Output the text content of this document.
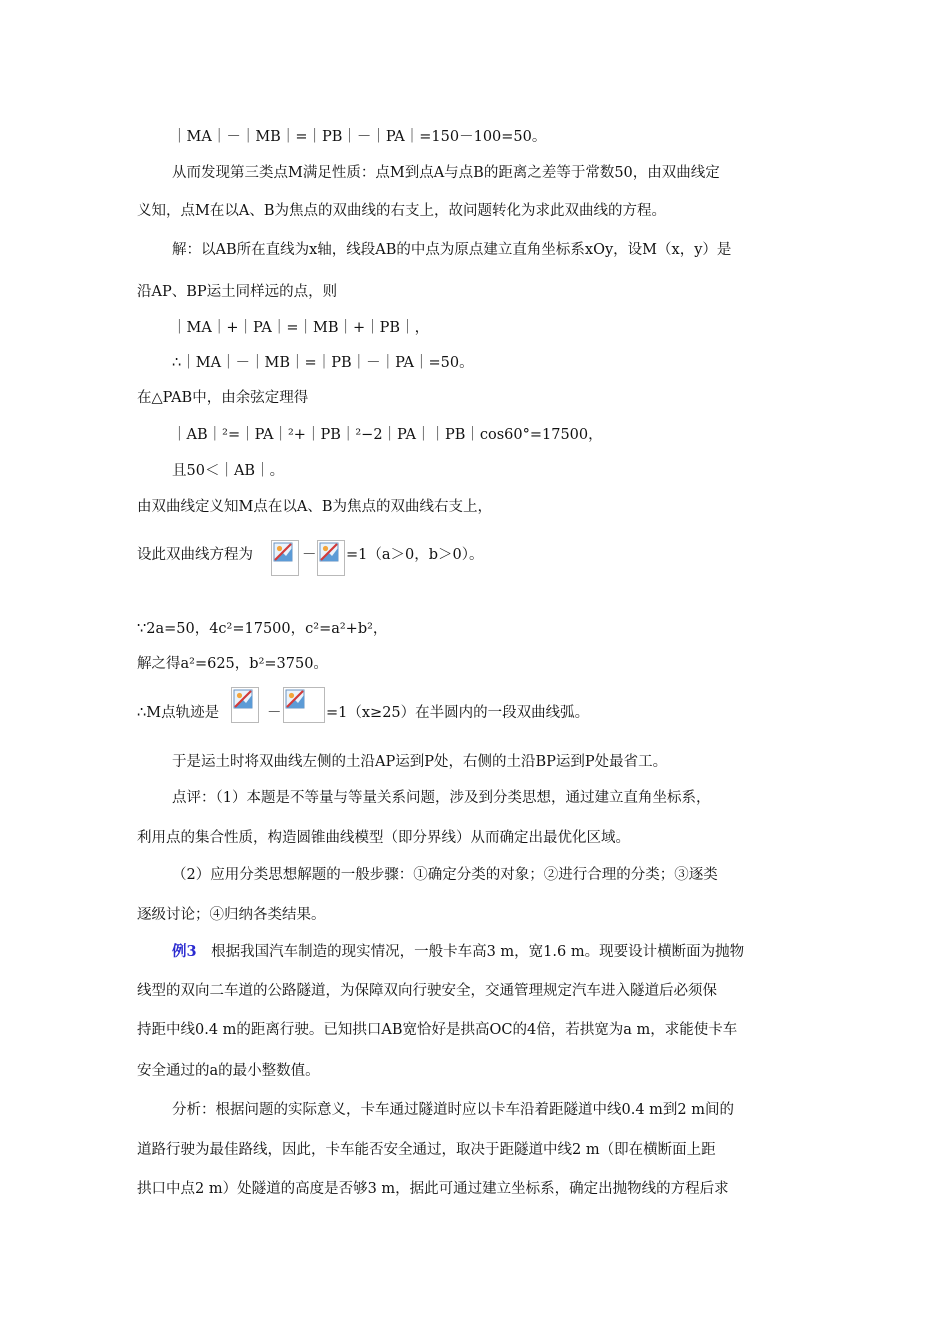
｜MA｜－｜MB｜=｜PB｜－｜PA｜=150－100=50。
从而发现第三类点M满足性质：点M到点A与点B的距离之差等于常数50，由双曲线定
义知，点M在以A、B为焦点的双曲线的右支上，故问题转化为求此双曲线的方程。
解：以AB所在直线为x轴，线段AB的中点为原点建立直角坐标系xOy，设M（x，y）是
沿AP、BP运土同样远的点，则
｜MA｜+｜PA｜=｜MB｜+｜PB｜，
∴｜MA｜－｜MB｜=｜PB｜－｜PA｜=50。
在△PAB中，由余弦定理得
｜AB｜²=｜PA｜²+｜PB｜²−2｜PA｜｜PB｜cos60°=17500，
且50＜｜AB｜。
由双曲线定义知M点在以A、B为焦点的双曲线右支上，
设此双曲线方程为	－ =1（a＞0，b＞0）。
∵2a=50，4c²=17500，c²=a²+b²，
解之得a²=625，b²=3750。
∴M点轨迹是	－	=1（x≥25）在半圆内的一段双曲线弧。
于是运土时将双曲线左侧的土沿AP运到P处，右侧的土沿BP运到P处最省工。
点评：（1）本题是不等量与等量关系问题，涉及到分类思想，通过建立直角坐标系，
利用点的集合性质，构造圆锥曲线模型（即分界线）从而确定出最优化区域。
（2）应用分类思想解题的一般步骤：①确定分类的对象；②进行合理的分类；③逐类
逐级讨论；④归纳各类结果。
例3　根据我国汽车制造的现实情况，一般卡车高3 m，宽1.6 m。现要设计横断面为抛物
线型的双向二车道的公路隧道，为保障双向行驶安全，交通管理规定汽车进入隧道后必须保
持距中线0.4 m的距离行驶。已知拱口AB宽恰好是拱高OC的4倍，若拱宽为a m，求能使卡车
安全通过的a的最小整数值。
分析：根据问题的实际意义，卡车通过隧道时应以卡车沿着距隧道中线0.4 m到2 m间的
道路行驶为最佳路线，因此，卡车能否安全通过，取决于距隧道中线2 m（即在横断面上距
拱口中点2 m）处隧道的高度是否够3 m，据此可通过建立坐标系，确定出抛物线的方程后求
